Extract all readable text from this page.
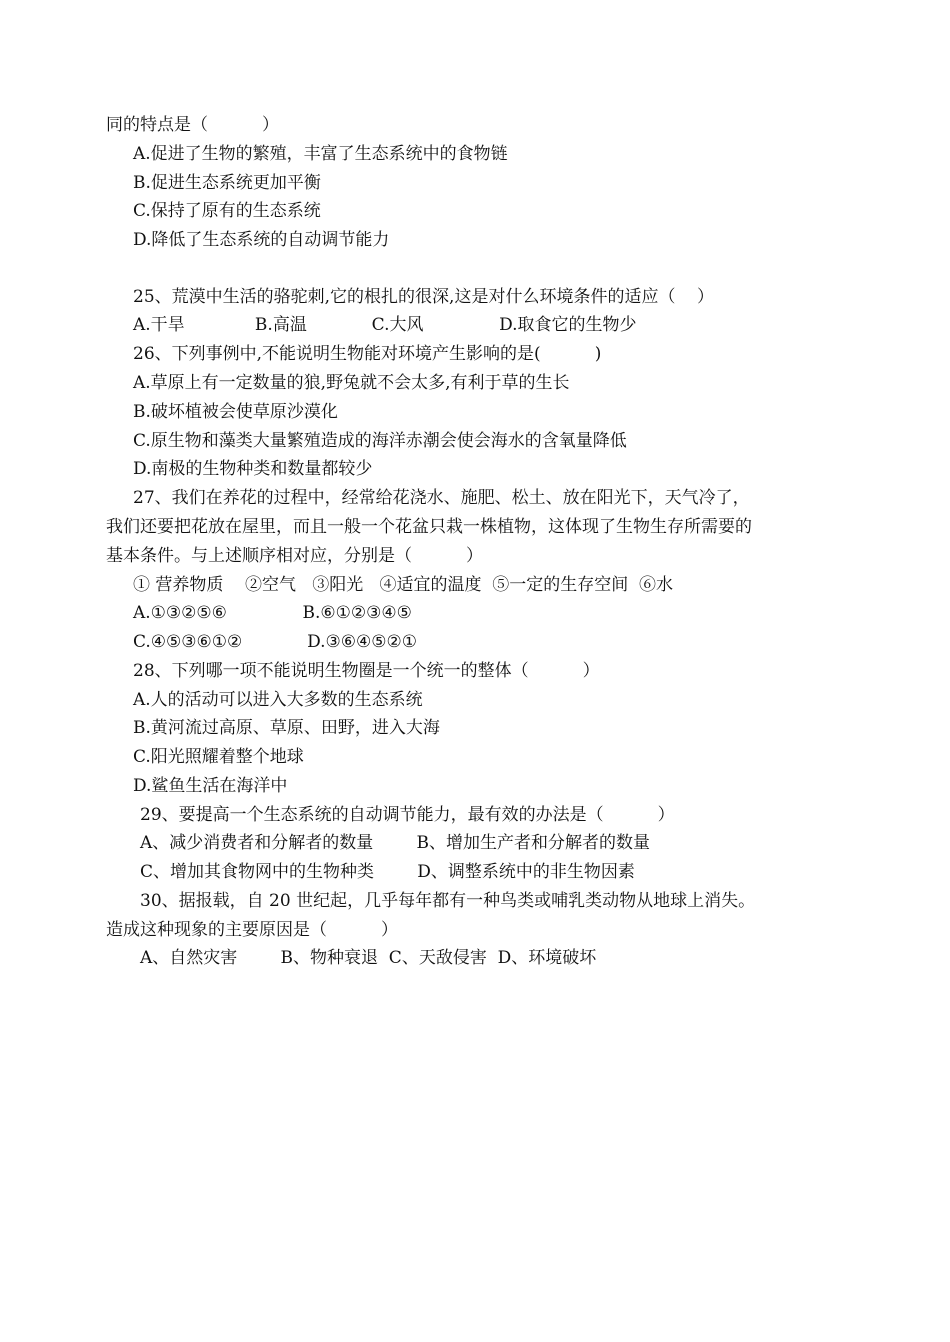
同的特点是（          ）
A.促进了生物的繁殖，丰富了生态系统中的食物链
B.促进生态系统更加平衡
C.保持了原有的生态系统
D.降低了生态系统的自动调节能力
25、荒漠中生活的骆驼刺,它的根扎的很深,这是对什么环境条件的适应（    ）
A.干旱             B.高温            C.大风              D.取食它的生物少
26、下列事例中,不能说明生物能对环境产生影响的是(          )
A.草原上有一定数量的狼,野兔就不会太多,有利于草的生长
B.破坏植被会使草原沙漠化
C.原生物和藻类大量繁殖造成的海洋赤潮会使会海水的含氧量降低
D.南极的生物种类和数量都较少
27、我们在养花的过程中，经常给花浇水、施肥、松土、放在阳光下，天气冷了，
我们还要把花放在屋里，而且一般一个花盆只栽一株植物，这体现了生物生存所需要的
基本条件。与上述顺序相对应，分别是（          ）
① 营养物质    ②空气   ③阳光   ④适宜的温度  ⑤一定的生存空间  ⑥水
A.①③②⑤⑥              B.⑥①②③④⑤
C.④⑤③⑥①②            D.③⑥④⑤②①
28、下列哪一项不能说明生物圈是一个统一的整体（          ）
A.人的活动可以进入大多数的生态系统
B.黄河流过高原、草原、田野，进入大海
C.阳光照耀着整个地球
D.鲨鱼生活在海洋中
29、要提高一个生态系统的自动调节能力，最有效的办法是（          ）
A、减少消费者和分解者的数量        B、增加生产者和分解者的数量
C、增加其食物网中的生物种类        D、调整系统中的非生物因素
30、据报载，自 20 世纪起，几乎每年都有一种鸟类或哺乳类动物从地球上消失。
造成这种现象的主要原因是（          ）
A、自然灾害        B、物种衰退  C、天敌侵害  D、环境破坏
